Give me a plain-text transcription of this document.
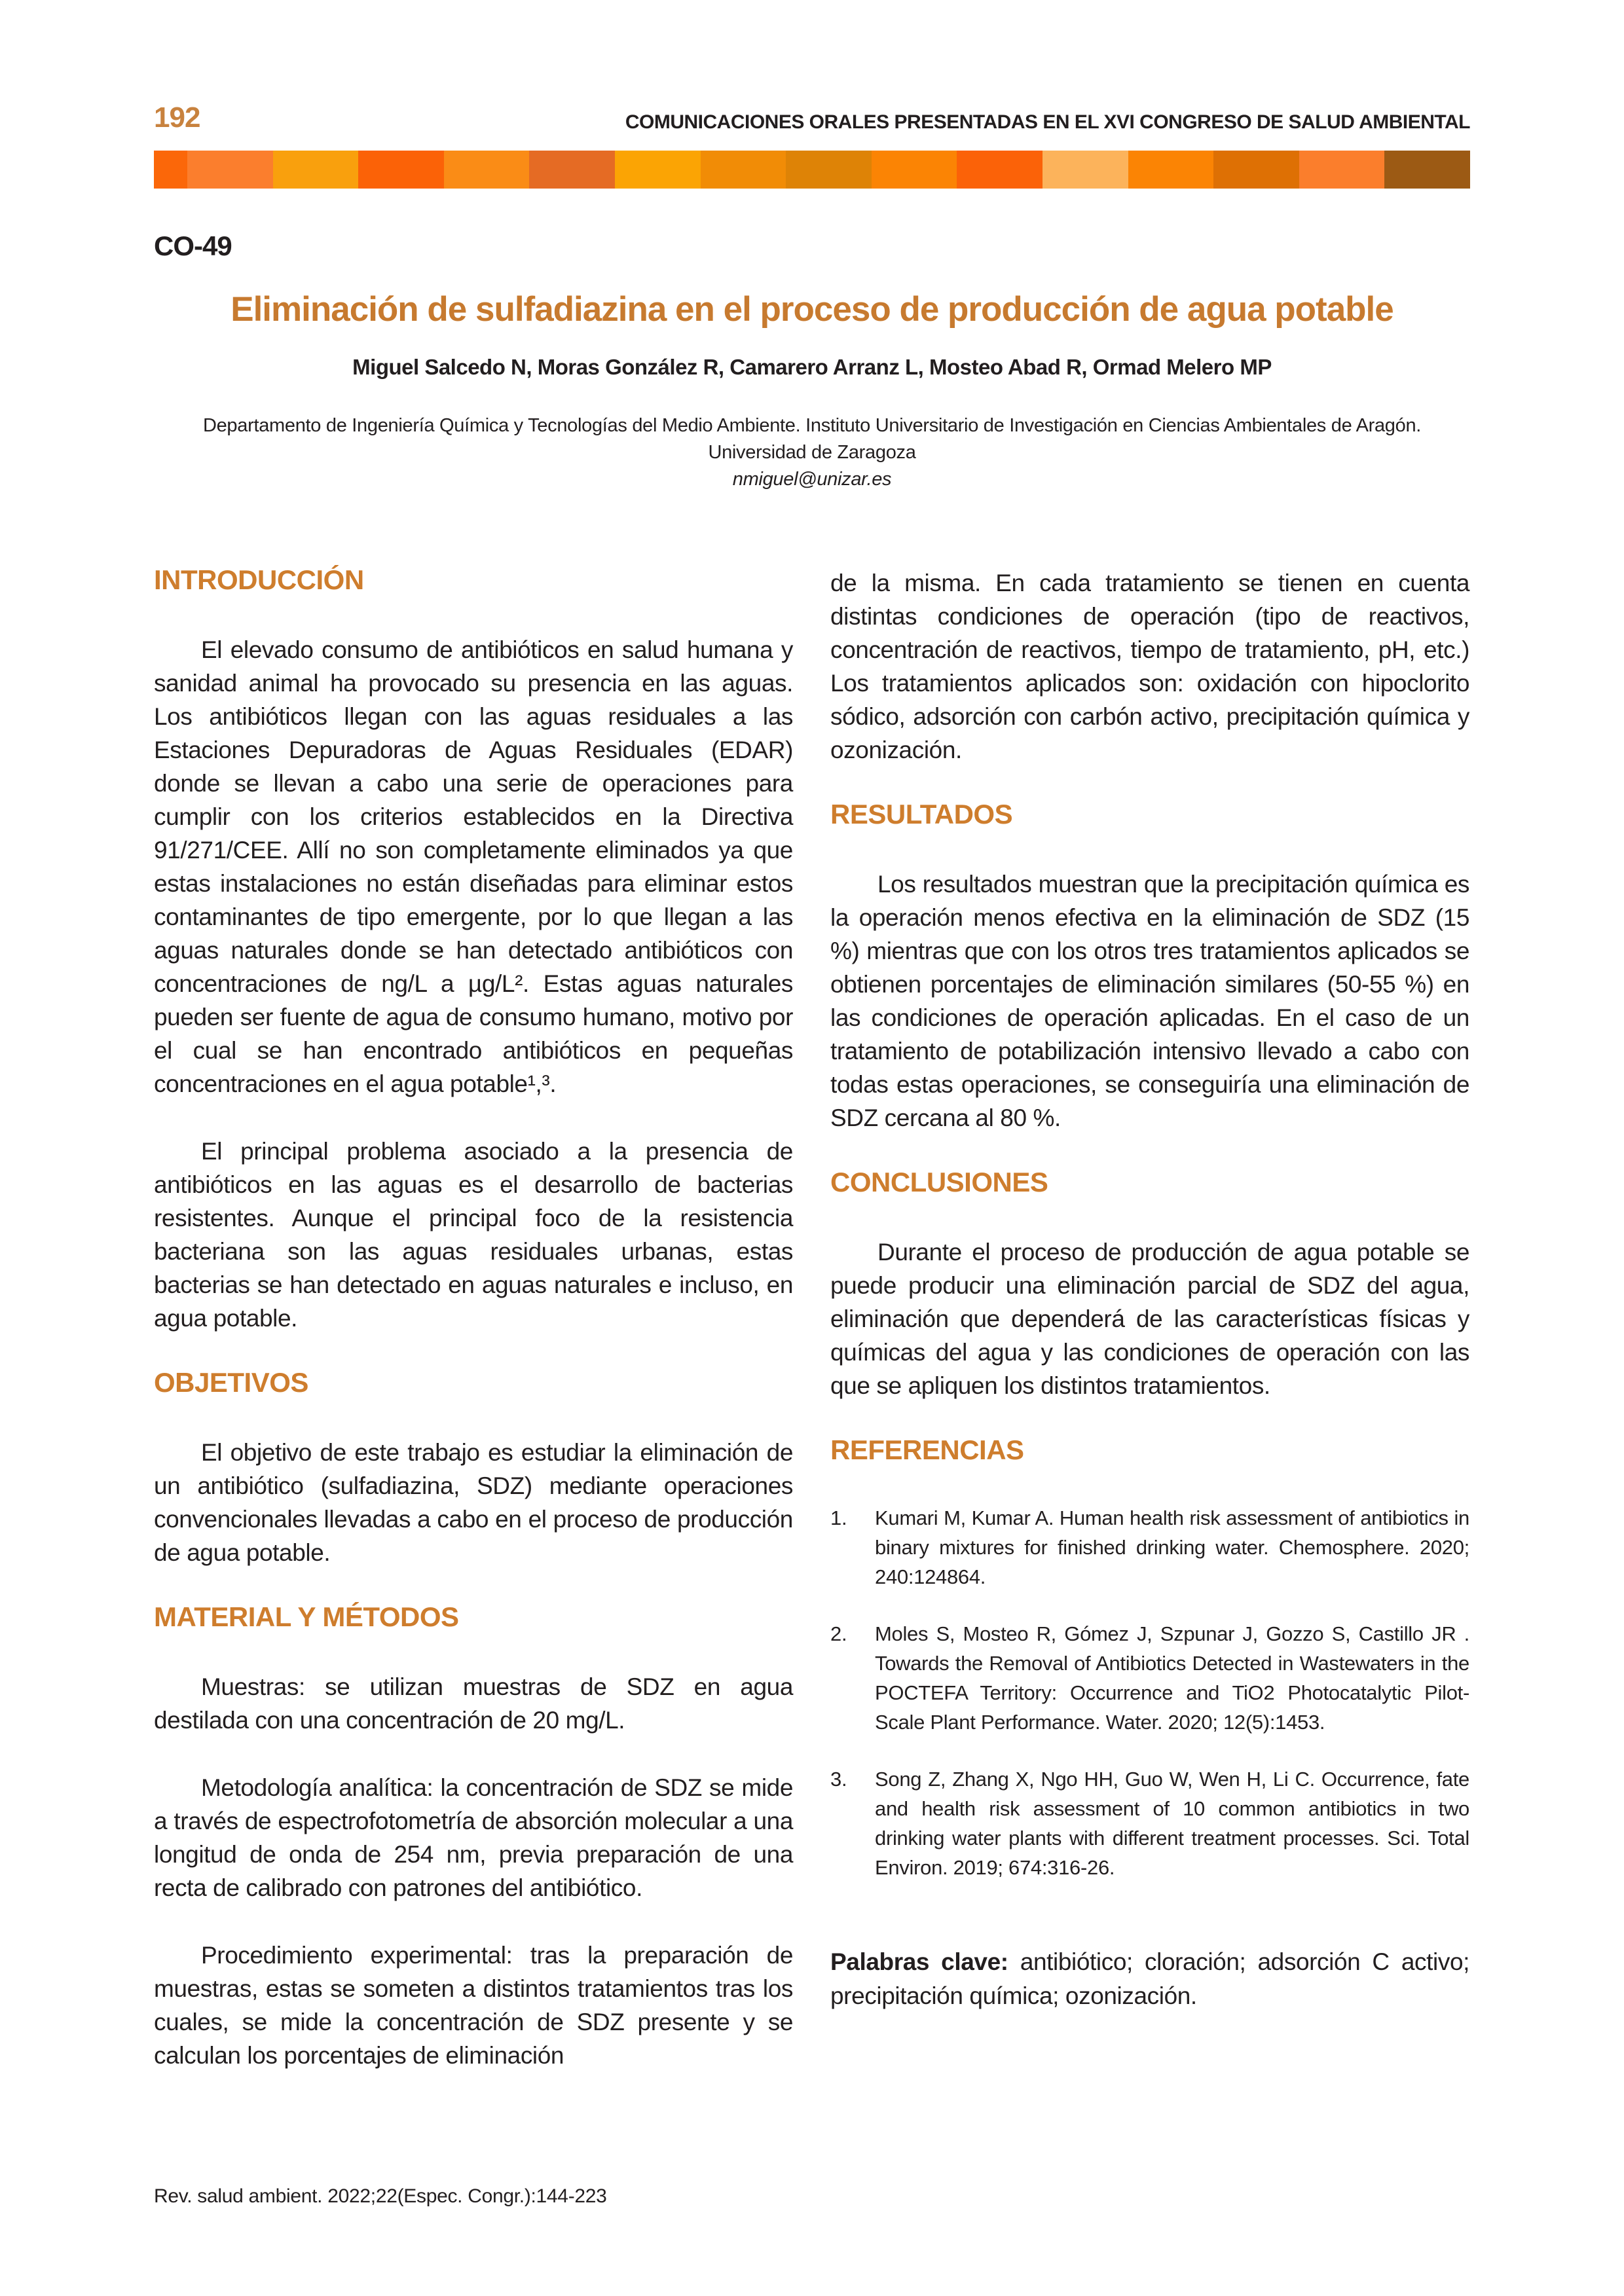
192	COMUNICACIONES ORALES PRESENTADAS EN EL XVI CONGRESO DE SALUD AMBIENTAL
CO-49
Eliminación de sulfadiazina en el proceso de producción de agua potable
Miguel Salcedo N, Moras González R, Camarero Arranz L, Mosteo Abad R, Ormad Melero MP
Departamento de Ingeniería Química y Tecnologías del Medio Ambiente. Instituto Universitario de Investigación en Ciencias Ambientales de Aragón. Universidad de Zaragoza
nmiguel@unizar.es
INTRODUCCIÓN

El elevado consumo de antibióticos en salud humana y sanidad animal ha provocado su presencia en las aguas. Los antibióticos llegan con las aguas residuales a las Estaciones Depuradoras de Aguas Residuales (EDAR) donde se llevan a cabo una serie de operaciones para cumplir con los criterios establecidos en la Directiva 91/271/CEE. Allí no son completamente eliminados ya que estas instalaciones no están diseñadas para eliminar estos contaminantes de tipo emergente, por lo que llegan a las aguas naturales donde se han detectado antibióticos con concentraciones de ng/L a µg/L². Estas aguas naturales pueden ser fuente de agua de consumo humano, motivo por el cual se han encontrado antibióticos en pequeñas concentraciones en el agua potable¹,³.

El principal problema asociado a la presencia de antibióticos en las aguas es el desarrollo de bacterias resistentes. Aunque el principal foco de la resistencia bacteriana son las aguas residuales urbanas, estas bacterias se han detectado en aguas naturales e incluso, en agua potable.

OBJETIVOS

El objetivo de este trabajo es estudiar la eliminación de un antibiótico (sulfadiazina, SDZ) mediante operaciones convencionales llevadas a cabo en el proceso de producción de agua potable.

MATERIAL Y MÉTODOS

Muestras: se utilizan muestras de SDZ en agua destilada con una concentración de 20 mg/L.

Metodología analítica: la concentración de SDZ se mide a través de espectrofotometría de absorción molecular a una longitud de onda de 254 nm, previa preparación de una recta de calibrado con patrones del antibiótico.

Procedimiento experimental: tras la preparación de muestras, estas se someten a distintos tratamientos tras los cuales, se mide la concentración de SDZ presente y se calculan los porcentajes de eliminación

de la misma. En cada tratamiento se tienen en cuenta distintas condiciones de operación (tipo de reactivos, concentración de reactivos, tiempo de tratamiento, pH, etc.) Los tratamientos aplicados son: oxidación con hipoclorito sódico, adsorción con carbón activo, precipitación química y ozonización.

RESULTADOS

Los resultados muestran que la precipitación química es la operación menos efectiva en la eliminación de SDZ (15 %) mientras que con los otros tres tratamientos aplicados se obtienen porcentajes de eliminación similares (50-55 %) en las condiciones de operación aplicadas. En el caso de un tratamiento de potabilización intensivo llevado a cabo con todas estas operaciones, se conseguiría una eliminación de SDZ cercana al 80 %.

CONCLUSIONES

Durante el proceso de producción de agua potable se puede producir una eliminación parcial de SDZ del agua, eliminación que dependerá de las características físicas y químicas del agua y las condiciones de operación con las que se apliquen los distintos tratamientos.

REFERENCIAS
1.	Kumari M, Kumar A. Human health risk assessment of antibiotics in binary mixtures for finished drinking water. Chemosphere. 2020; 240:124864.

2.	Moles S, Mosteo R, Gómez J, Szpunar J, Gozzo S, Castillo JR . Towards the Removal of Antibiotics Detected in Wastewaters in the POCTEFA Territory: Occurrence and TiO2 Photocatalytic Pilot-Scale Plant Performance. Water. 2020; 12(5):1453.

3.	Song Z, Zhang X, Ngo HH, Guo W, Wen H, Li C. Occurrence, fate and health risk assessment of 10 common antibiotics in two drinking water plants with different treatment processes. Sci. Total Environ. 2019; 674:316-26.

Palabras clave: antibiótico; cloración; adsorción C activo; precipitación química; ozonización.

Rev. salud ambient. 2022;22(Espec. Congr.):144-223
